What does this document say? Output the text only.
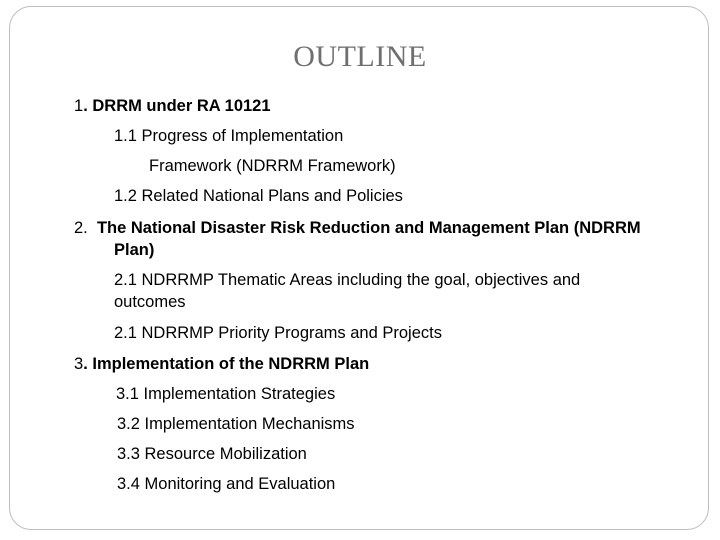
OUTLINE
1. DRRM under RA 10121
1.1 Progress of Implementation
Framework (NDRRM Framework)
1.2 Related National Plans and Policies
2. The National Disaster Risk Reduction and Management Plan (NDRRM
Plan)
2.1 NDRRMP Thematic Areas including the goal, objectives and
outcomes
2.1 NDRRMP Priority Programs and Projects
3. Implementation of the NDRRM Plan
3.1 Implementation Strategies
3.2 Implementation Mechanisms
3.3 Resource Mobilization
3.4 Monitoring and Evaluation
